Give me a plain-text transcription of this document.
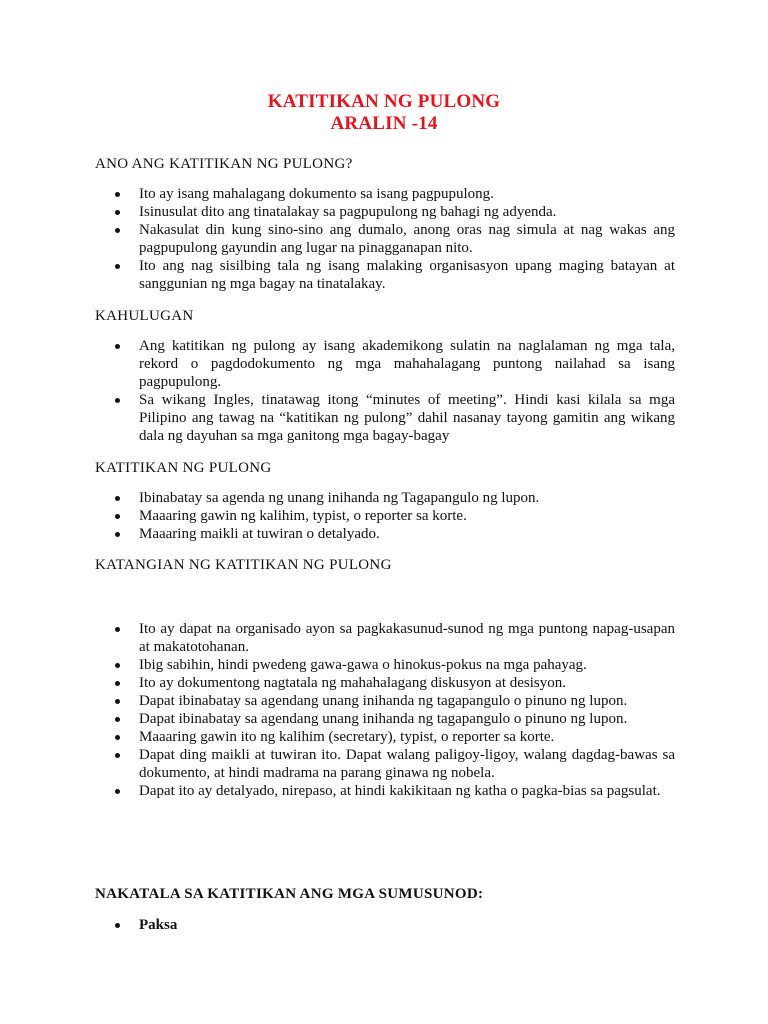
KATITIKAN NG PULONG
ARALIN -14
ANO ANG KATITIKAN NG PULONG?
Ito ay isang mahalagang dokumento sa isang pagpupulong.
Isinusulat dito ang tinatalakay sa pagpupulong ng bahagi ng adyenda.
Nakasulat din kung sino-sino ang dumalo, anong oras nag simula at nag wakas ang pagpupulong gayundin ang lugar na pinagganapan nito.
Ito ang nag sisilbing tala ng isang malaking organisasyon upang maging batayan at sanggunian ng mga bagay na tinatalakay.
KAHULUGAN
Ang katitikan ng pulong ay isang akademikong sulatin na naglalaman ng mga tala, rekord o pagdodokumento ng mga mahahalagang puntong nailahad sa isang pagpupulong.
Sa wikang Ingles, tinatawag itong “minutes of meeting”. Hindi kasi kilala sa mga Pilipino ang tawag na “katitikan ng pulong” dahil nasanay tayong gamitin ang wikang dala ng dayuhan sa mga ganitong mga bagay-bagay
KATITIKAN NG PULONG
Ibinabatay sa agenda ng unang inihanda ng Tagapangulo ng lupon.
Maaaring gawin ng kalihim, typist, o reporter sa korte.
Maaaring maikli at tuwiran o detalyado.
KATANGIAN NG KATITIKAN NG PULONG
Ito ay dapat na organisado ayon sa pagkakasunud-sunod ng mga puntong napag-usapan at makatotohanan.
Ibig sabihin, hindi pwedeng gawa-gawa o hinokus-pokus na mga pahayag.
Ito ay dokumentong nagtatala ng mahahalagang diskusyon at desisyon.
Dapat ibinabatay sa agendang unang inihanda ng tagapangulo o pinuno ng lupon.
Dapat ibinabatay sa agendang unang inihanda ng tagapangulo o pinuno ng lupon.
Maaaring gawin ito ng kalihim (secretary), typist, o reporter sa korte.
Dapat ding maikli at tuwiran ito. Dapat walang paligoy-ligoy, walang dagdag-bawas sa dokumento, at hindi madrama na parang ginawa ng nobela.
Dapat ito ay detalyado, nirepaso, at hindi kakikitaan ng katha o pagka-bias sa pagsulat.
NAKATALA SA KATITIKAN ANG MGA SUMUSUNOD:
Paksa
